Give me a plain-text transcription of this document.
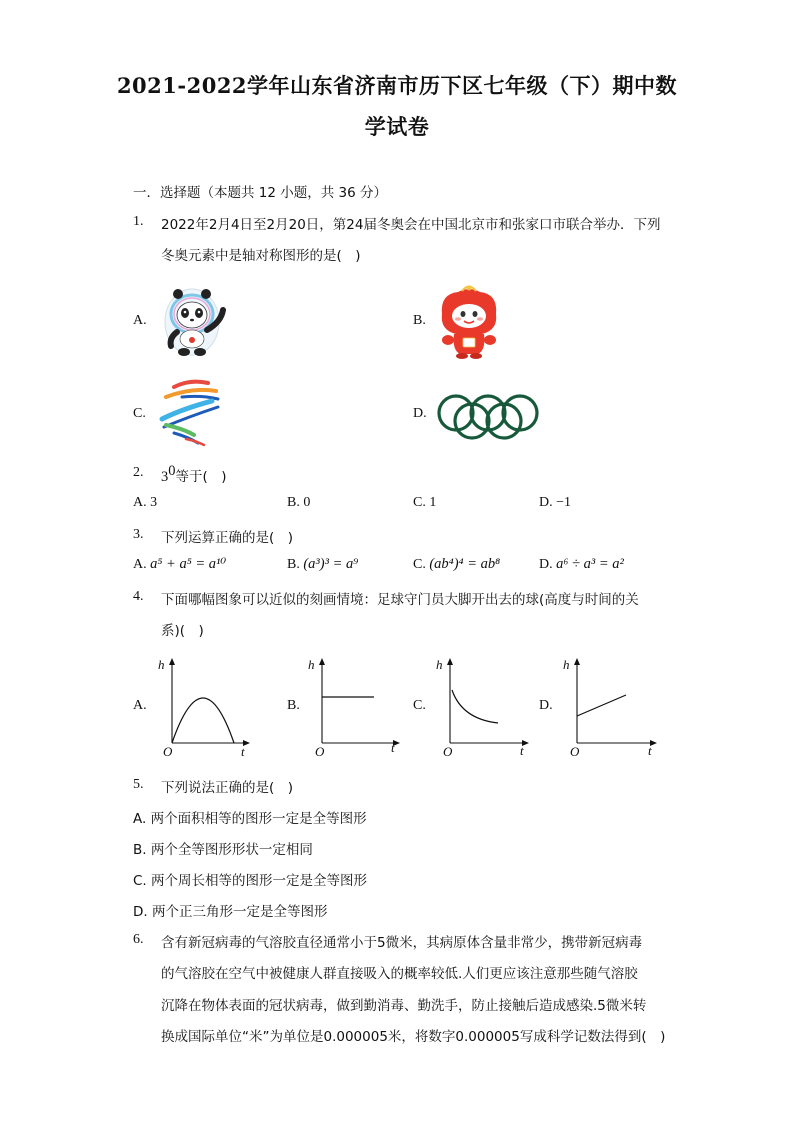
2021-2022学年山东省济南市历下区七年级（下）期中数
学试卷
一．选择题（本题共 12 小题，共 36 分）
1. 2022年2月4日至2月20日，第24届冬奥会在中国北京市和张家口市联合举办．下列
冬奥元素中是轴对称图形的是(　)
A.	B.
C.	D.
2. $3^0$等于(　)
A. 3	B. 0	C. 1	D. −1
3. 下列运算正确的是(　)
A. a⁵ + a⁵ = a¹⁰	B. (a³)³ = a⁹	C. (ab⁴)⁴ = ab⁸	D. a⁶ ÷ a³ = a²
4. 下面哪幅图象可以近似的刻画情境：足球守门员大脚开出去的球(高度与时间的关
系)(　)
A.
h
t
O
B.
h
t
O
C.
h
t
O
D.
h
t
O
5. 下列说法正确的是(　)
A. 两个面积相等的图形一定是全等图形
B. 两个全等图形形状一定相同
C. 两个周长相等的图形一定是全等图形
D. 两个正三角形一定是全等图形
6. 含有新冠病毒的气溶胶直径通常小于5微米，其病原体含量非常少，携带新冠病毒
的气溶胶在空气中被健康人群直接吸入的概率较低.人们更应该注意那些随气溶胶
沉降在物体表面的冠状病毒，做到勤消毒、勤洗手，防止接触后造成感染.5微米转
换成国际单位“米”为单位是0.000005米，将数字0.000005写成科学记数法得到(　)
